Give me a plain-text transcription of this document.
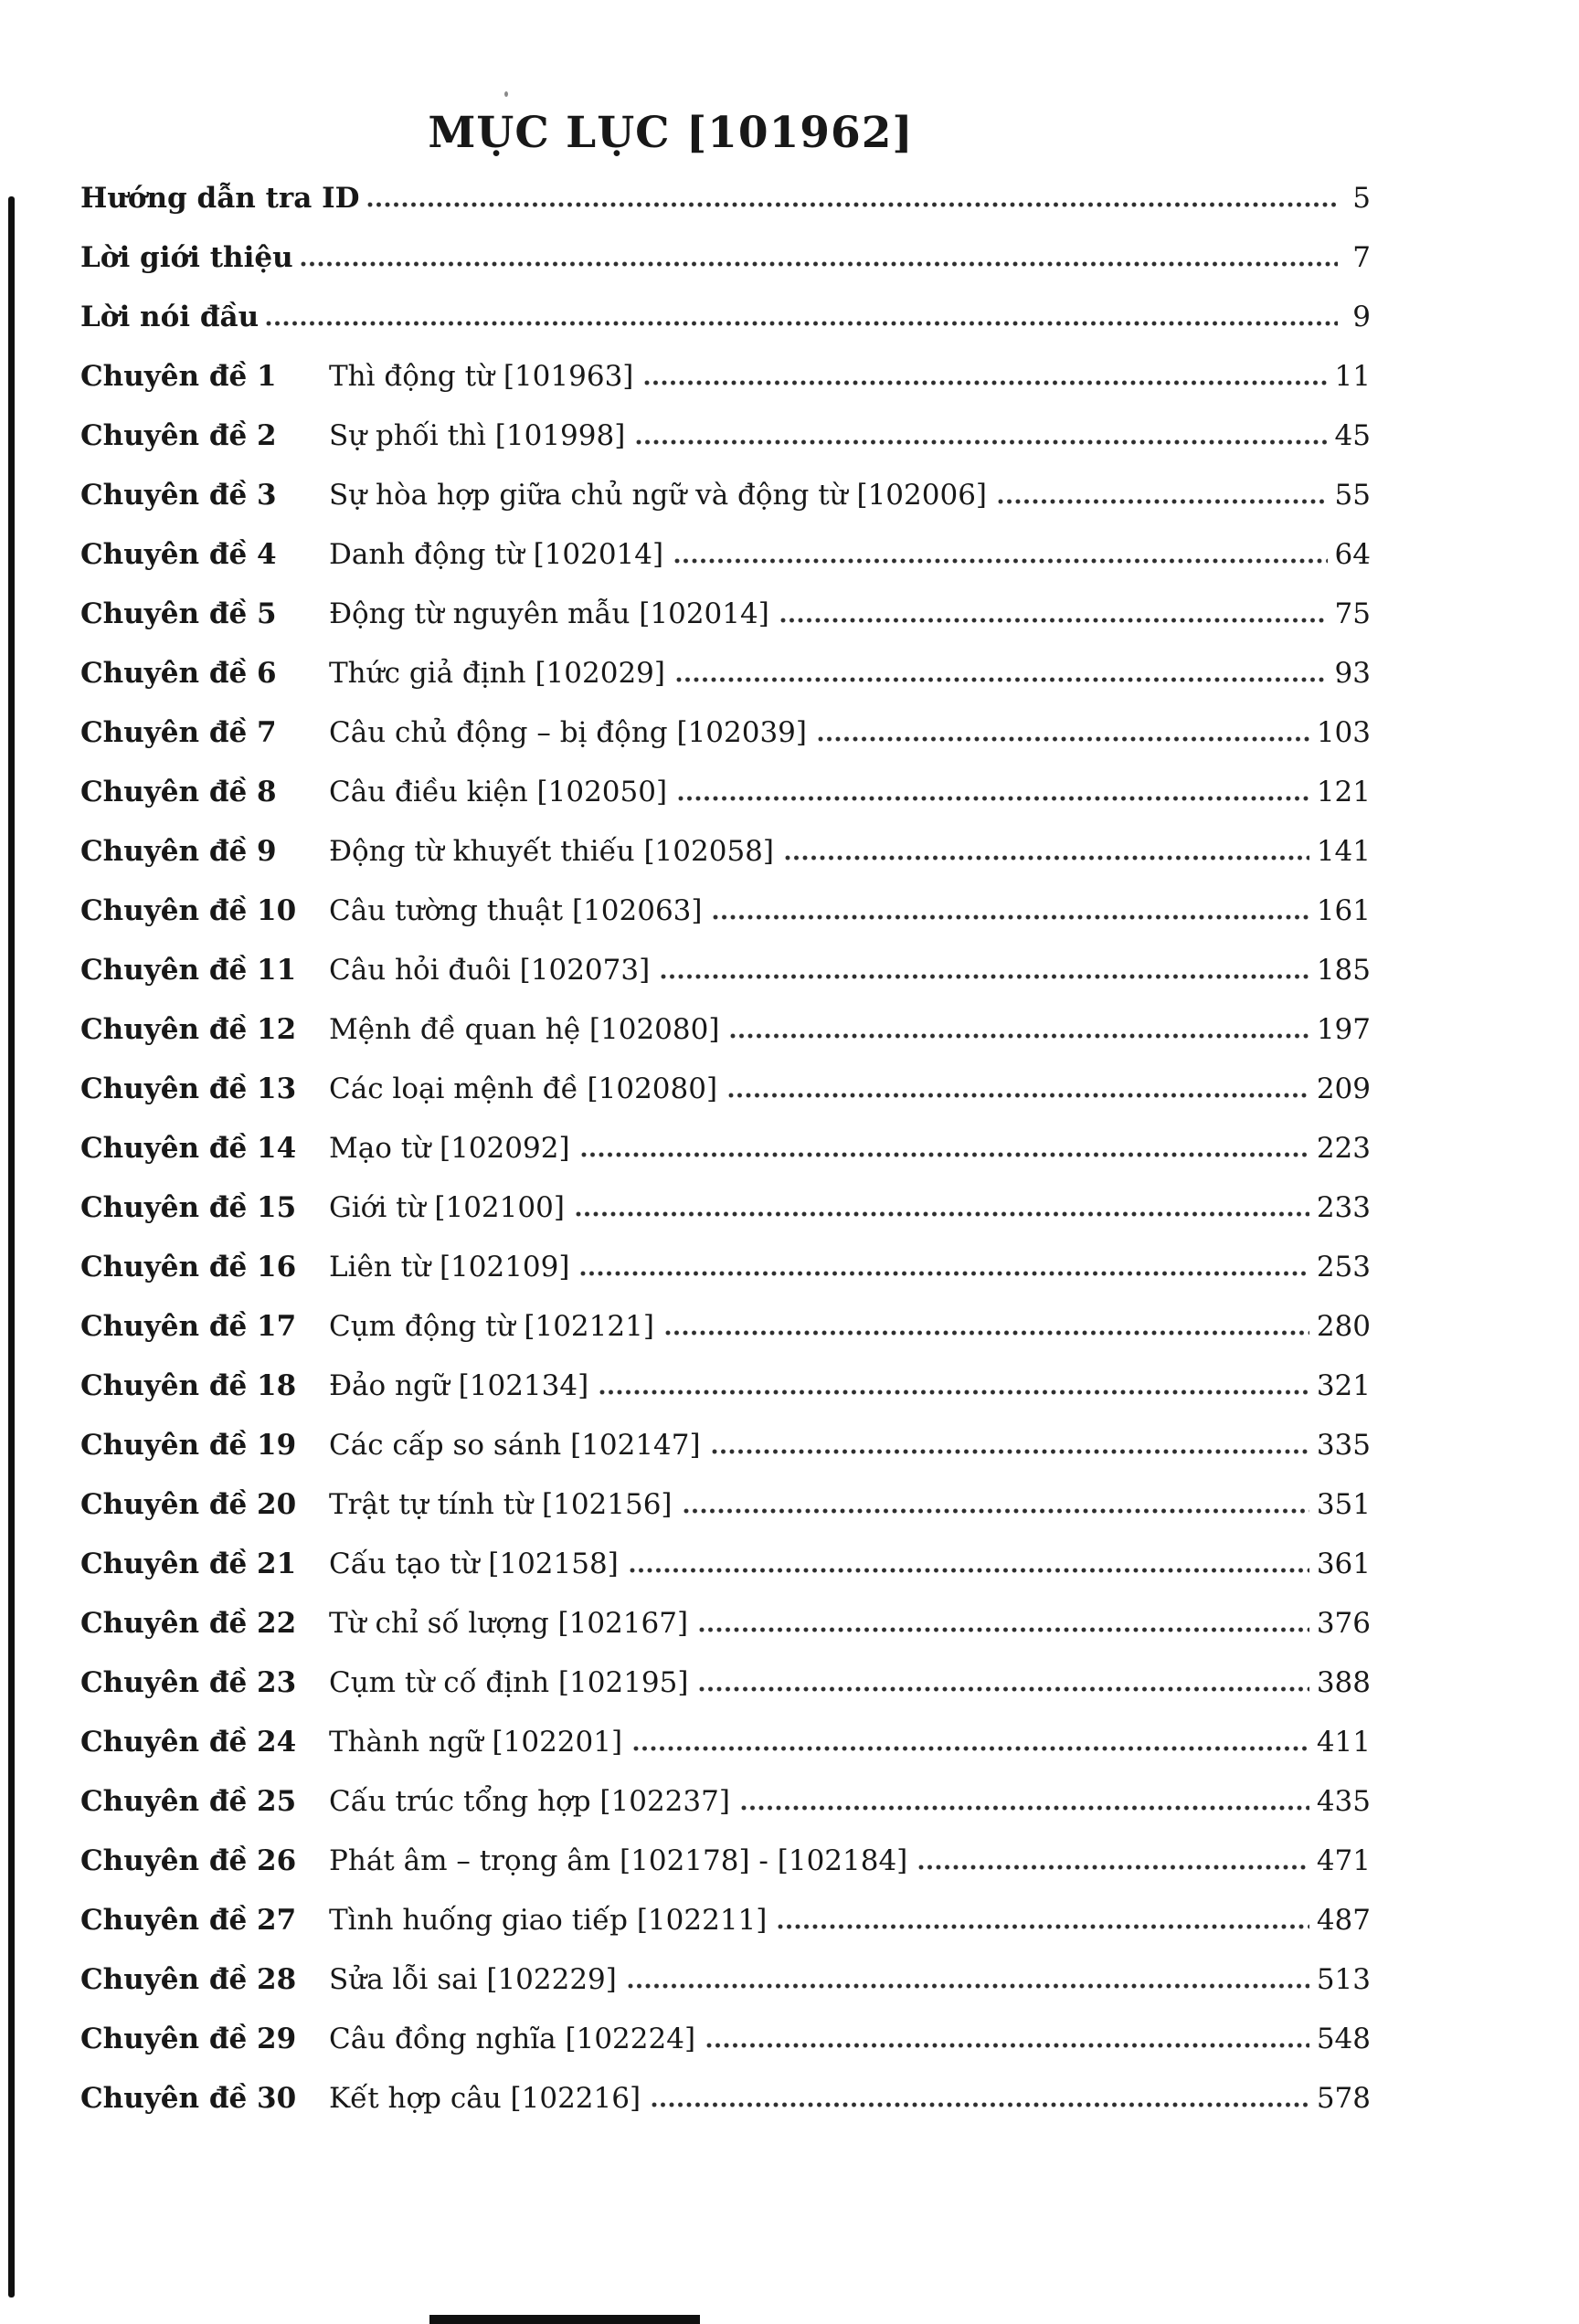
MỤC LỤC [101962]
Hướng dẫn tra ID	5
Lời giới thiệu	7
Lời nói đầu	9
Chuyên đề 1	Thì động từ [101963]	11
Chuyên đề 2	Sự phối thì [101998]	45
Chuyên đề 3	Sự hòa hợp giữa chủ ngữ và động từ [102006]	55
Chuyên đề 4	Danh động từ [102014]	64
Chuyên đề 5	Động từ nguyên mẫu [102014]	75
Chuyên đề 6	Thức giả định [102029]	93
Chuyên đề 7	Câu chủ động – bị động [102039]	103
Chuyên đề 8	Câu điều kiện [102050]	121
Chuyên đề 9	Động từ khuyết thiếu [102058]	141
Chuyên đề 10	Câu tường thuật [102063]	161
Chuyên đề 11	Câu hỏi đuôi [102073]	185
Chuyên đề 12	Mệnh đề quan hệ [102080]	197
Chuyên đề 13	Các loại mệnh đề [102080]	209
Chuyên đề 14	Mạo từ [102092]	223
Chuyên đề 15	Giới từ [102100]	233
Chuyên đề 16	Liên từ [102109]	253
Chuyên đề 17	Cụm động từ [102121]	280
Chuyên đề 18	Đảo ngữ [102134]	321
Chuyên đề 19	Các cấp so sánh [102147]	335
Chuyên đề 20	Trật tự tính từ [102156]	351
Chuyên đề 21	Cấu tạo từ [102158]	361
Chuyên đề 22	Từ chỉ số lượng [102167]	376
Chuyên đề 23	Cụm từ cố định [102195]	388
Chuyên đề 24	Thành ngữ [102201]	411
Chuyên đề 25	Cấu trúc tổng hợp [102237]	435
Chuyên đề 26	Phát âm – trọng âm [102178] - [102184]	471
Chuyên đề 27	Tình huống giao tiếp [102211]	487
Chuyên đề 28	Sửa lỗi sai [102229]	513
Chuyên đề 29	Câu đồng nghĩa [102224]	548
Chuyên đề 30	Kết hợp câu [102216]	578
